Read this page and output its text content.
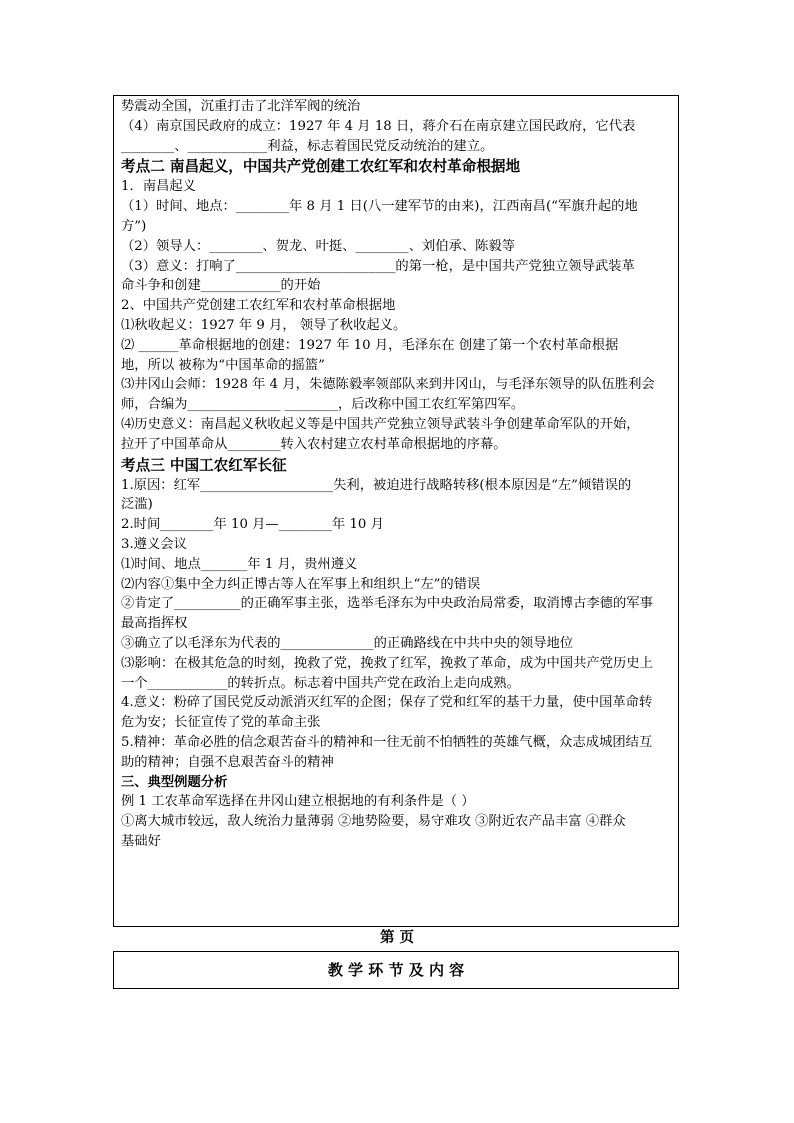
势震动全国，沉重打击了北洋军阀的统治
（4）南京国民政府的成立：1927 年 4 月 18 日，蒋介石在南京建立国民政府，它代表
________、____________利益，标志着国民党反动统治的建立。
考点二 南昌起义，中国共产党创建工农红军和农村革命根据地
1．南昌起义
（1）时间、地点：________年 8 月 1 日(八一建军节的由来)，江西南昌(“军旗升起的地
方”)
（2）领导人：________、贺龙、叶挺、________、刘伯承、陈毅等
（3）意义：打响了________________________的第一枪，是中国共产党独立领导武装革
命斗争和创建____________的开始
2、中国共产党创建工农红军和农村革命根据地
⑴秋收起义：1927 年 9 月， 领导了秋收起义。
⑵ ______革命根据地的创建：1927 年 10 月，毛泽东在 创建了第一个农村革命根据
地，所以 被称为“中国革命的摇篮”
⑶井冈山会师：1928 年 4 月，朱德陈毅率领部队来到井冈山，与毛泽东领导的队伍胜利会
师，合编为______________ ________，后改称中国工农红军第四军。
⑷历史意义：南昌起义秋收起义等是中国共产党独立领导武装斗争创建革命军队的开始，
拉开了中国革命从________转入农村建立农村革命根据地的序幕。
考点三 中国工农红军长征
1.原因：红军____________________失利，被迫进行战略转移(根本原因是“左”倾错误的
泛滥)
2.时间________年 10 月—________年 10 月
3.遵义会议
⑴时间、地点_______年 1 月，贵州遵义
⑵内容①集中全力纠正博古等人在军事上和组织上“左”的错误
②肯定了__________的正确军事主张，选举毛泽东为中央政治局常委，取消博古李德的军事
最高指挥权
③确立了以毛泽东为代表的______________的正确路线在中共中央的领导地位
⑶影响：在极其危急的时刻，挽救了党，挽救了红军，挽救了革命，成为中国共产党历史上
一个____________的转折点。标志着中国共产党在政治上走向成熟。
4.意义：粉碎了国民党反动派消灭红军的企图；保存了党和红军的基干力量，使中国革命转
危为安；长征宣传了党的革命主张
5.精神：革命必胜的信念艰苦奋斗的精神和一往无前不怕牺牲的英雄气概，众志成城团结互
助的精神；自强不息艰苦奋斗的精神
三、典型例题分析
例 1 工农革命军选择在井冈山建立根据地的有利条件是（ ）
①离大城市较远，敌人统治力量薄弱 ②地势险要，易守难攻 ③附近农产品丰富 ④群众
基础好
第 页
教 学 环 节 及 内 容
